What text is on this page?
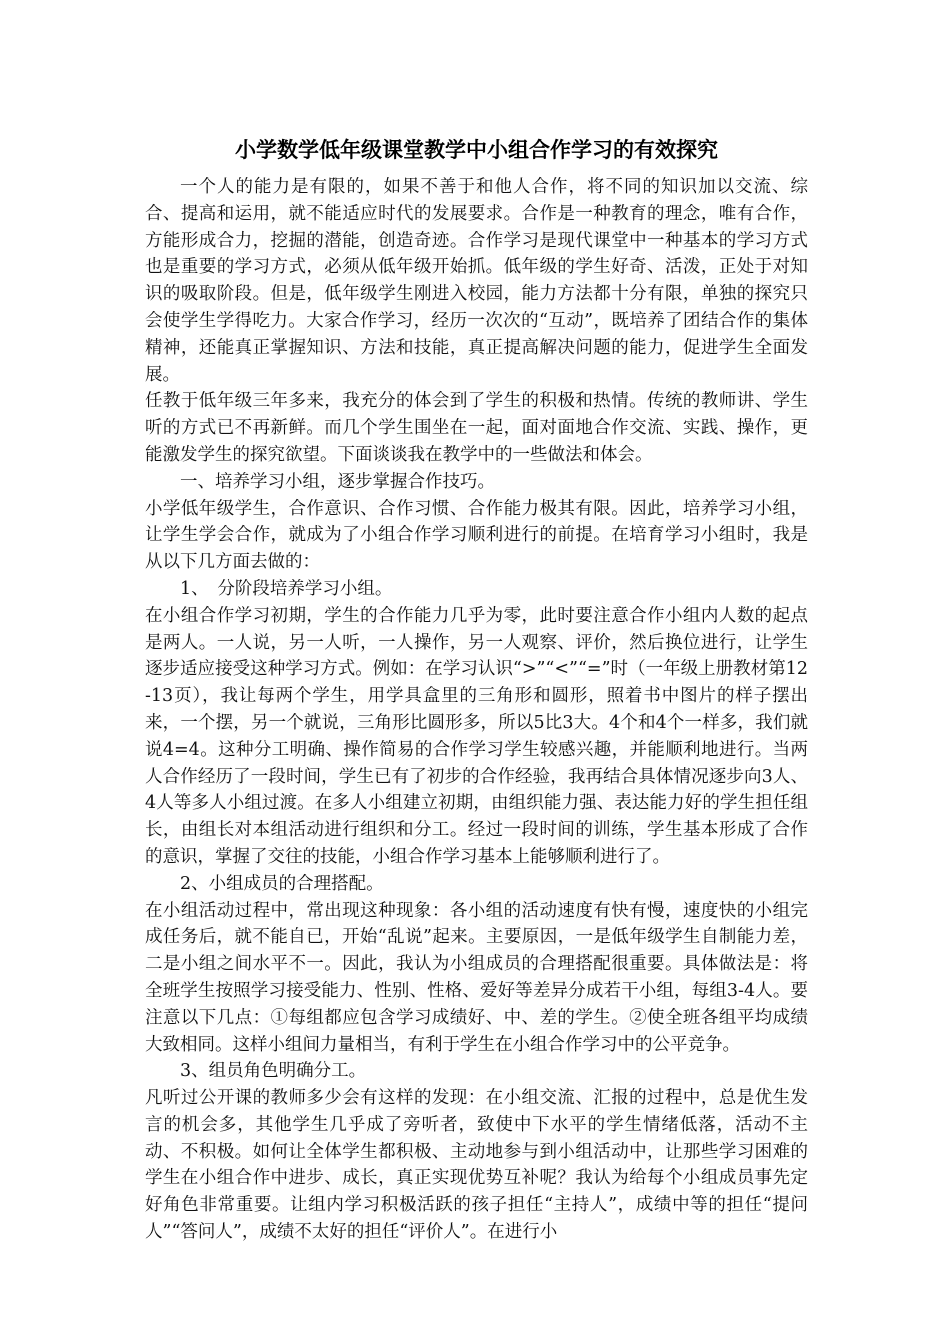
小学数学低年级课堂教学中小组合作学习的有效探究

一个人的能力是有限的，如果不善于和他人合作，将不同的知识加以交流、综合、提高和运用，就不能适应时代的发展要求。合作是一种教育的理念，唯有合作，方能形成合力，挖掘的潜能，创造奇迹。合作学习是现代课堂中一种基本的学习方式也是重要的学习方式，必须从低年级开始抓。低年级的学生好奇、活泼，正处于对知识的吸取阶段。但是，低年级学生刚进入校园，能力方法都十分有限，单独的探究只会使学生学得吃力。大家合作学习，经历一次次的“互动”，既培养了团结合作的集体精神，还能真正掌握知识、方法和技能，真正提高解决问题的能力，促进学生全面发展。

任教于低年级三年多来，我充分的体会到了学生的积极和热情。传统的教师讲、学生听的方式已不再新鲜。而几个学生围坐在一起，面对面地合作交流、实践、操作，更能激发学生的探究欲望。下面谈谈我在教学中的一些做法和体会。

一、培养学习小组，逐步掌握合作技巧。

小学低年级学生，合作意识、合作习惯、合作能力极其有限。因此，培养学习小组，让学生学会合作，就成为了小组合作学习顺利进行的前提。在培育学习小组时，我是从以下几方面去做的：

1、　分阶段培养学习小组。

在小组合作学习初期，学生的合作能力几乎为零，此时要注意合作小组内人数的起点是两人。一人说，另一人听，一人操作，另一人观察、评价，然后换位进行，让学生逐步适应接受这种学习方式。例如：在学习认识“>”“<”“=”时（一年级上册教材第12-13页），我让每两个学生，用学具盒里的三角形和圆形，照着书中图片的样子摆出来，一个摆，另一个就说，三角形比圆形多，所以5比3大。4个和4个一样多，我们就说4=4。这种分工明确、操作简易的合作学习学生较感兴趣，并能顺利地进行。当两人合作经历了一段时间，学生已有了初步的合作经验，我再结合具体情况逐步向3人、4人等多人小组过渡。在多人小组建立初期，由组织能力强、表达能力好的学生担任组长，由组长对本组活动进行组织和分工。经过一段时间的训练，学生基本形成了合作的意识，掌握了交往的技能，小组合作学习基本上能够顺利进行了。

2、小组成员的合理搭配。

在小组活动过程中，常出现这种现象：各小组的活动速度有快有慢，速度快的小组完成任务后，就不能自已，开始“乱说”起来。主要原因，一是低年级学生自制能力差，二是小组之间水平不一。因此，我认为小组成员的合理搭配很重要。具体做法是：将全班学生按照学习接受能力、性别、性格、爱好等差异分成若干小组，每组3-4人。要注意以下几点：①每组都应包含学习成绩好、中、差的学生。②使全班各组平均成绩大致相同。这样小组间力量相当，有利于学生在小组合作学习中的公平竞争。

3、组员角色明确分工。

凡听过公开课的教师多少会有这样的发现：在小组交流、汇报的过程中，总是优生发言的机会多，其他学生几乎成了旁听者，致使中下水平的学生情绪低落，活动不主动、不积极。如何让全体学生都积极、主动地参与到小组活动中，让那些学习困难的学生在小组合作中进步、成长，真正实现优势互补呢？我认为给每个小组成员事先定好角色非常重要。让组内学习积极活跃的孩子担任“主持人”，成绩中等的担任“提问人”“答问人”，成绩不太好的担任“评价人”。在进行小
